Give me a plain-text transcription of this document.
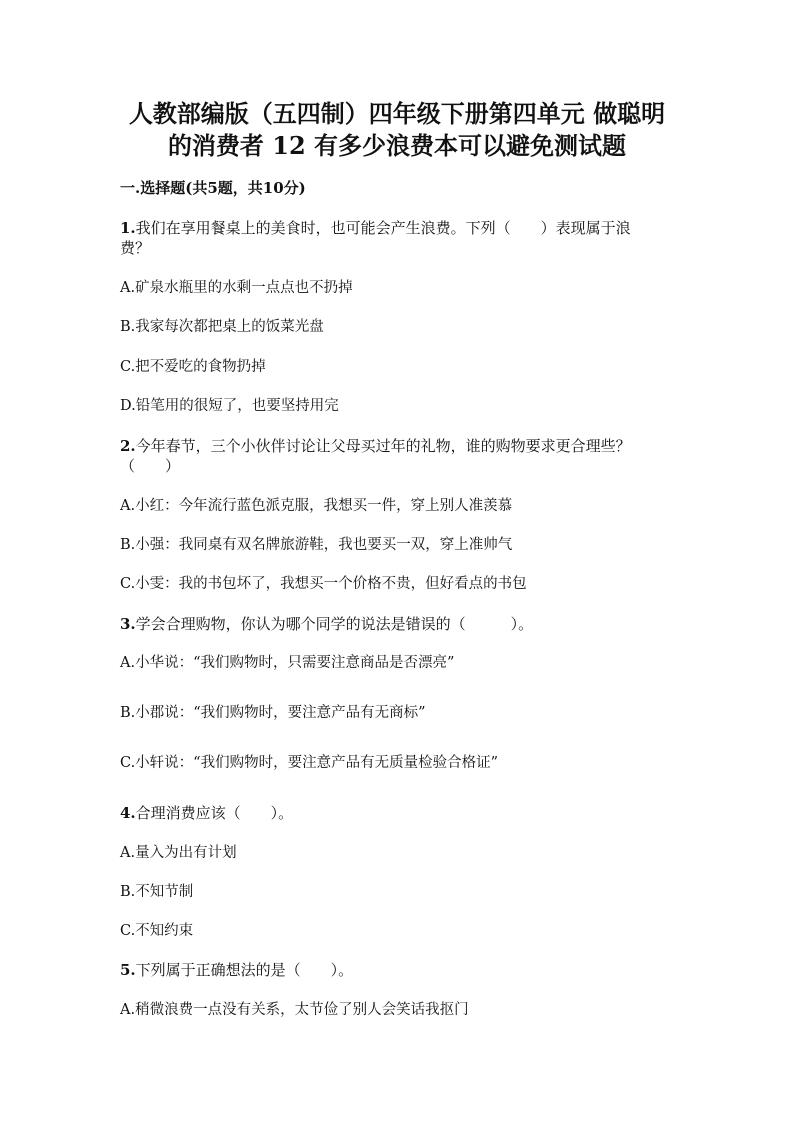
人教部编版（五四制）四年级下册第四单元 做聪明
的消费者 12 有多少浪费本可以避免测试题
一.选择题(共5题，共10分)
1.我们在享用餐桌上的美食时，也可能会产生浪费。下列（　　）表现属于浪
费？
A.矿泉水瓶里的水剩一点点也不扔掉
B.我家每次都把桌上的饭菜光盘
C.把不爱吃的食物扔掉
D.铅笔用的很短了，也要坚持用完
2.今年春节，三个小伙伴讨论让父母买过年的礼物，谁的购物要求更合理些？
（　　）
A.小红：今年流行蓝色派克服，我想买一件，穿上别人准羡慕
B.小强：我同桌有双名牌旅游鞋，我也要买一双，穿上准帅气
C.小雯：我的书包坏了，我想买一个价格不贵，但好看点的书包
3.学会合理购物，你认为哪个同学的说法是错误的（　　　）。
A.小华说：“我们购物时，只需要注意商品是否漂亮”
B.小郡说：“我们购物时，要注意产品有无商标”
C.小轩说：“我们购物时，要注意产品有无质量检验合格证”
4.合理消费应该（　　）。
A.量入为出有计划
B.不知节制
C.不知约束
5.下列属于正确想法的是（　　）。
A.稍微浪费一点没有关系，太节俭了别人会笑话我抠门
